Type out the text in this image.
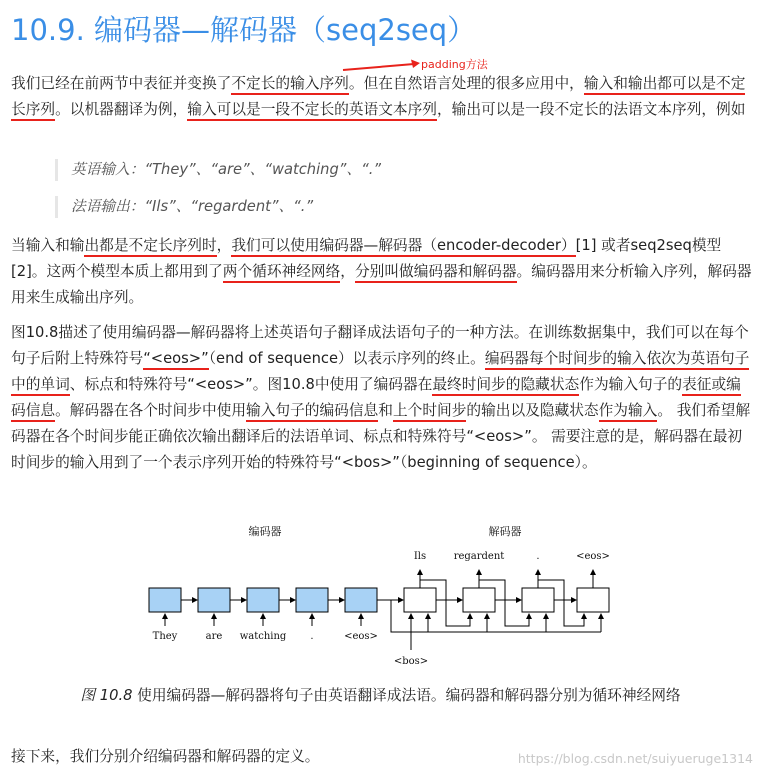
10.9. 编码器—解码器（seq2seq）
padding方法

我们已经在前两节中表征并变换了不定长的输入序列。但在自然语言处理的很多应用中，输入和输出都可以是不定长序列。以机器翻译为例，输入可以是一段不定长的英语文本序列，输出可以是一段不定长的法语文本序列，例如

英语输入：“They”、“are”、“watching”、“.”

法语输出：“Ils”、“regardent”、“.”

当输入和输出都是不定长序列时，我们可以使用编码器—解码器（encoder-decoder）[1] 或者seq2seq模型[2]。这两个模型本质上都用到了两个循环神经网络，分别叫做编码器和解码器。编码器用来分析输入序列，解码器用来生成输出序列。

图10.8描述了使用编码器—解码器将上述英语句子翻译成法语句子的一种方法。在训练数据集中，我们可以在每个句子后附上特殊符号“<eos>”（end of sequence）以表示序列的终止。编码器每个时间步的输入依次为英语句子中的单词、标点和特殊符号“<eos>”。图10.8中使用了编码器在最终时间步的隐藏状态作为输入句子的表征或编码信息。解码器在各个时间步中使用输入句子的编码信息和上个时间步的输出以及隐藏状态作为输入。 我们希望解码器在各个时间步能正确依次输出翻译后的法语单词、标点和特殊符号“<eos>”。 需要注意的是，解码器在最初时间步的输入用到了一个表示序列开始的特殊符号“<bos>”（beginning of sequence）。

编码器	解码器
They	are watching .	<eos>
Ils	regardent	.	<eos>
<bos>

图 10.8 使用编码器—解码器将句子由英语翻译成法语。编码器和解码器分别为循环神经网络

接下来，我们分别介绍编码器和解码器的定义。	https://blog.csdn.net/suiyueruge1314
